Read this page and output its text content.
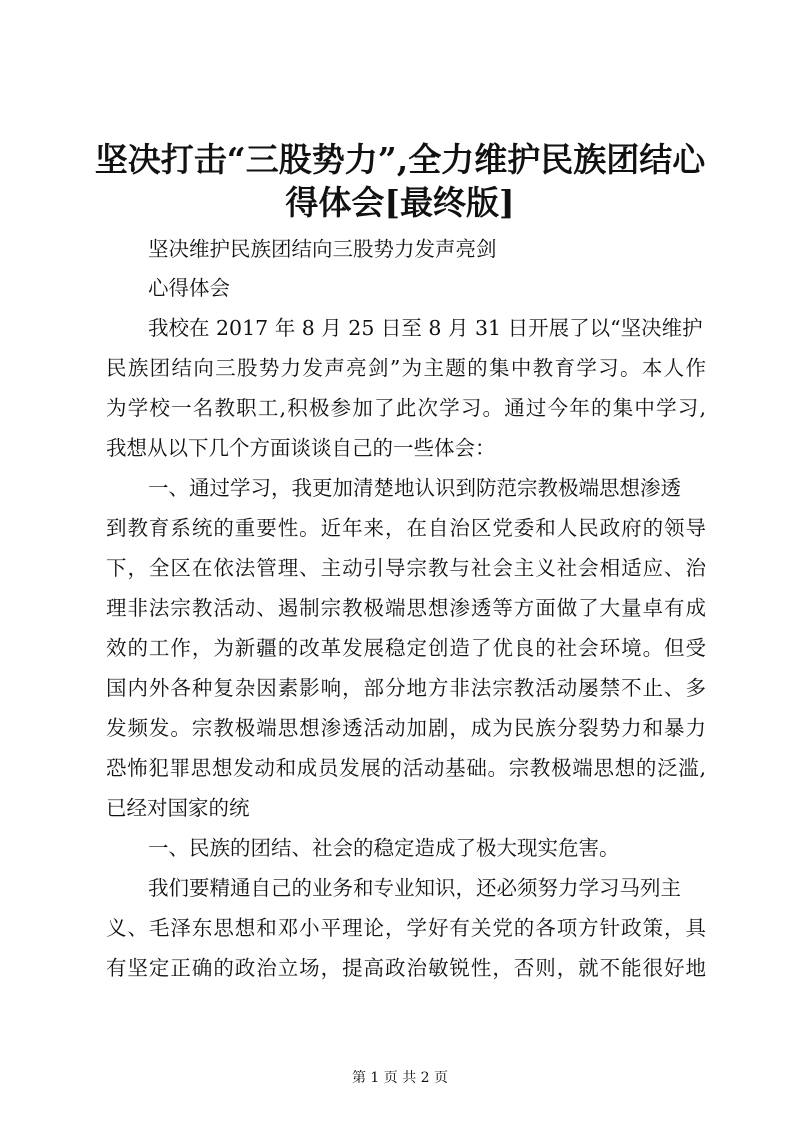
坚决打击“三股势力”,全力维护民族团结心
得体会[最终版]
坚决维护民族团结向三股势力发声亮剑
心得体会
我校在 2017 年 8 月 25 日至 8 月 31 日开展了以“坚决维护
民族团结向三股势力发声亮剑”为主题的集中教育学习。本人作
为学校一名教职工,积极参加了此次学习。通过今年的集中学习,
我想从以下几个方面谈谈自己的一些体会：
一、通过学习，我更加清楚地认识到防范宗教极端思想渗透
到教育系统的重要性。近年来，在自治区党委和人民政府的领导
下，全区在依法管理、主动引导宗教与社会主义社会相适应、治
理非法宗教活动、遏制宗教极端思想渗透等方面做了大量卓有成
效的工作，为新疆的改革发展稳定创造了优良的社会环境。但受
国内外各种复杂因素影响，部分地方非法宗教活动屡禁不止、多
发频发。宗教极端思想渗透活动加剧，成为民族分裂势力和暴力
恐怖犯罪思想发动和成员发展的活动基础。宗教极端思想的泛滥,
已经对国家的统
一、民族的团结、社会的稳定造成了极大现实危害。
我们要精通自己的业务和专业知识，还必须努力学习马列主
义、毛泽东思想和邓小平理论，学好有关党的各项方针政策，具
有坚定正确的政治立场，提高政治敏锐性，否则，就不能很好地
第 1 页 共 2 页
